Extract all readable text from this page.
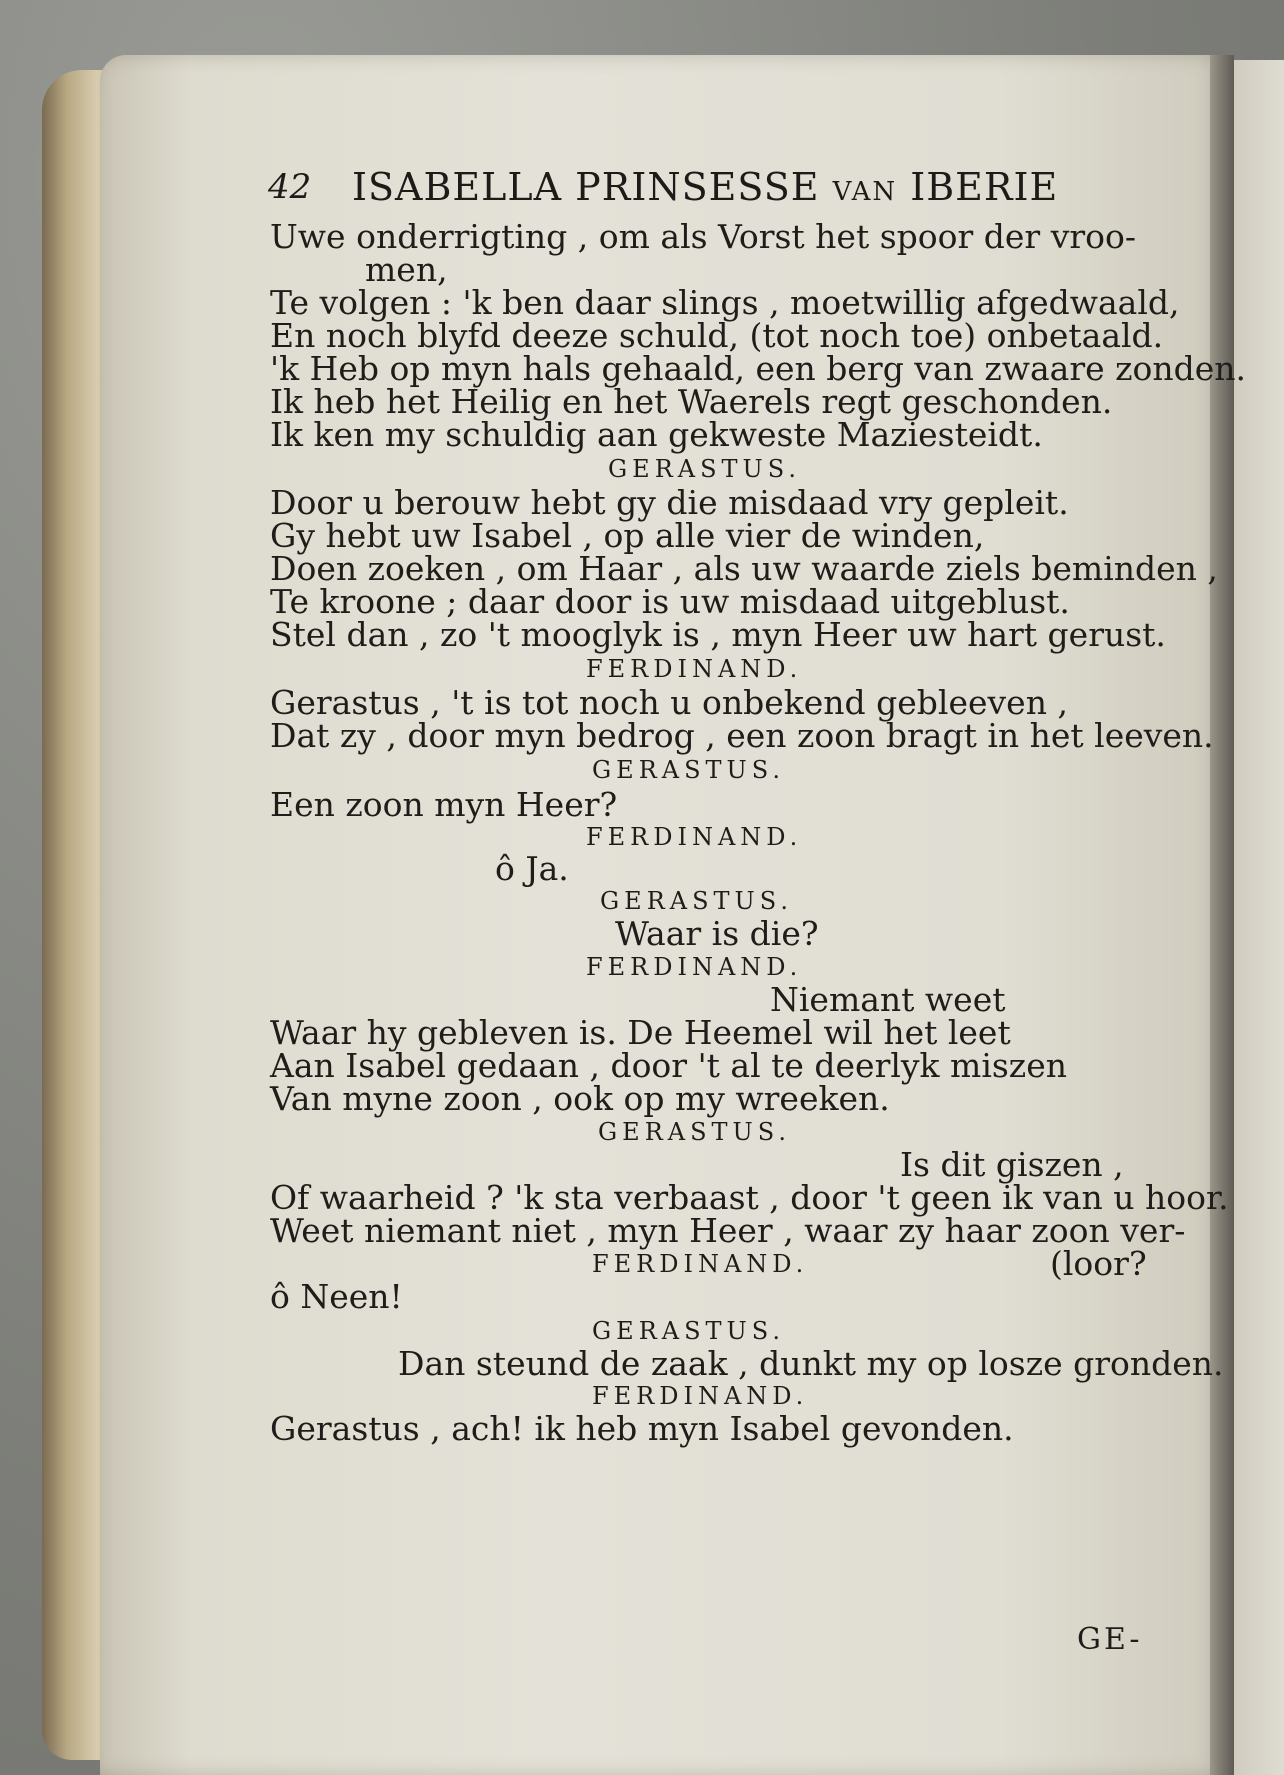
42 ISABELLA PRINSESSE VAN IBERIE
Uwe onderrigting , om als Vorst het spoor der vroo-
men,
Te volgen : 'k ben daar slings , moetwillig afgedwaald,
En noch blyfd deeze schuld, (tot noch toe) onbetaald.
'k Heb op myn hals gehaald, een berg van zwaare zonden.
Ik heb het Heilig en het Waerels regt geschonden.
Ik ken my schuldig aan gekweste Maziesteidt.
GERASTUS.
Door u berouw hebt gy die misdaad vry gepleit.
Gy hebt uw Isabel , op alle vier de winden,
Doen zoeken , om Haar , als uw waarde ziels beminden ,
Te kroone ; daar door is uw misdaad uitgeblust.
Stel dan , zo 't mooglyk is , myn Heer uw hart gerust.
FERDINAND.
Gerastus , 't is tot noch u onbekend gebleeven ,
Dat zy , door myn bedrog , een zoon bragt in het leeven.
GERASTUS.
Een zoon myn Heer?
FERDINAND.
ô Ja.
GERASTUS.
Waar is die?
FERDINAND.
Niemant weet
Waar hy gebleven is. De Heemel wil het leet
Aan Isabel gedaan , door 't al te deerlyk miszen
Van myne zoon , ook op my wreeken.
GERASTUS.
Is dit giszen ,
Of waarheid ? 'k sta verbaast , door 't geen ik van u hoor.
Weet niemant niet , myn Heer , waar zy haar zoon ver-
FERDINAND.	(loor?
ô Neen!
GERASTUS.
Dan steund de zaak , dunkt my op losze gronden.
FERDINAND.
Gerastus , ach! ik heb myn Isabel gevonden.
GE-
